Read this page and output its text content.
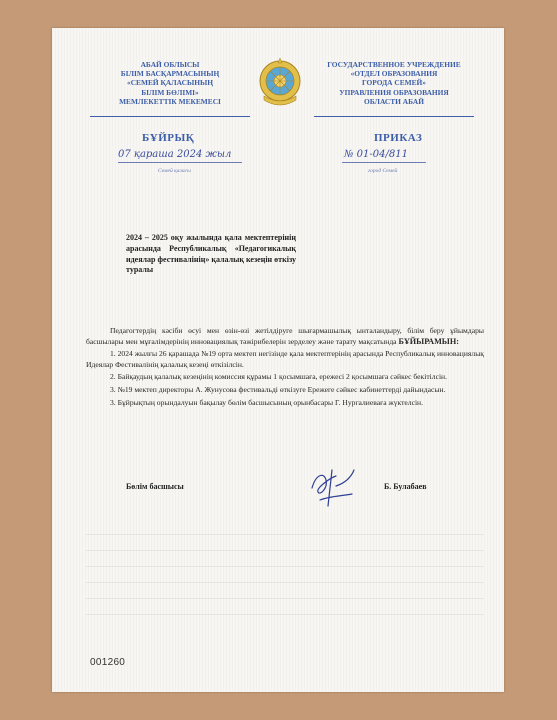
АБАЙ ОБЛЫСЫ
БІЛІМ БАСҚАРМАСЫНЫҢ
«СЕМЕЙ ҚАЛАСЫНЫҢ
БІЛІМ БӨЛІМІ»
МЕМЛЕКЕТТІК МЕКЕМЕСІ
ГОСУДАРСТВЕННОЕ УЧРЕЖДЕНИЕ
«ОТДЕЛ ОБРАЗОВАНИЯ
ГОРОДА СЕМЕЙ»
УПРАВЛЕНИЯ ОБРАЗОВАНИЯ
ОБЛАСТИ АБАЙ
БҰЙРЫҚ	ПРИКАЗ
07 қараша 2024 жыл	№ 01-04/811
Семей қаласы	город Семей
2024 – 2025 оқу жылында қала мектептерінің арасында Республикалық «Педагогикалық идеялар фестивалінің» қалалық кезеңін өткізу туралы

Педагогтердің кәсіби өсуі мен өзін-өзі жетілдіруге шығармашылық ынталандыру, білім беру ұйымдары басшылары мен мұғалімдерінің инновациялық тәжірибелерін зерделеу және тарату мақсатында БҰЙЫРАМЫН:

1. 2024 жылғы 26 қарашада №19 орта мектеп негізінде қала мектептерінің арасында Республикалық инновациялық Идеялар Фестивалінің қалалық кезеңі өткізілсін.

2. Байқаудың қалалық кезеңінің комиссия құрамы 1 қосымшаға, ережесі 2 қосымшаға сәйкес бекітілсін.

3. №19 мектеп директоры А. Жунусова фестивальді өткізуге Ережеге сәйкес кабинеттерді дайындасын.

3. Бұйрықтың орындалуын бақылау бөлім басшысының орынбасары Г. Нургалиеваға жүктелсін.

Бөлім басшысы	Б. Булабаев
001260
